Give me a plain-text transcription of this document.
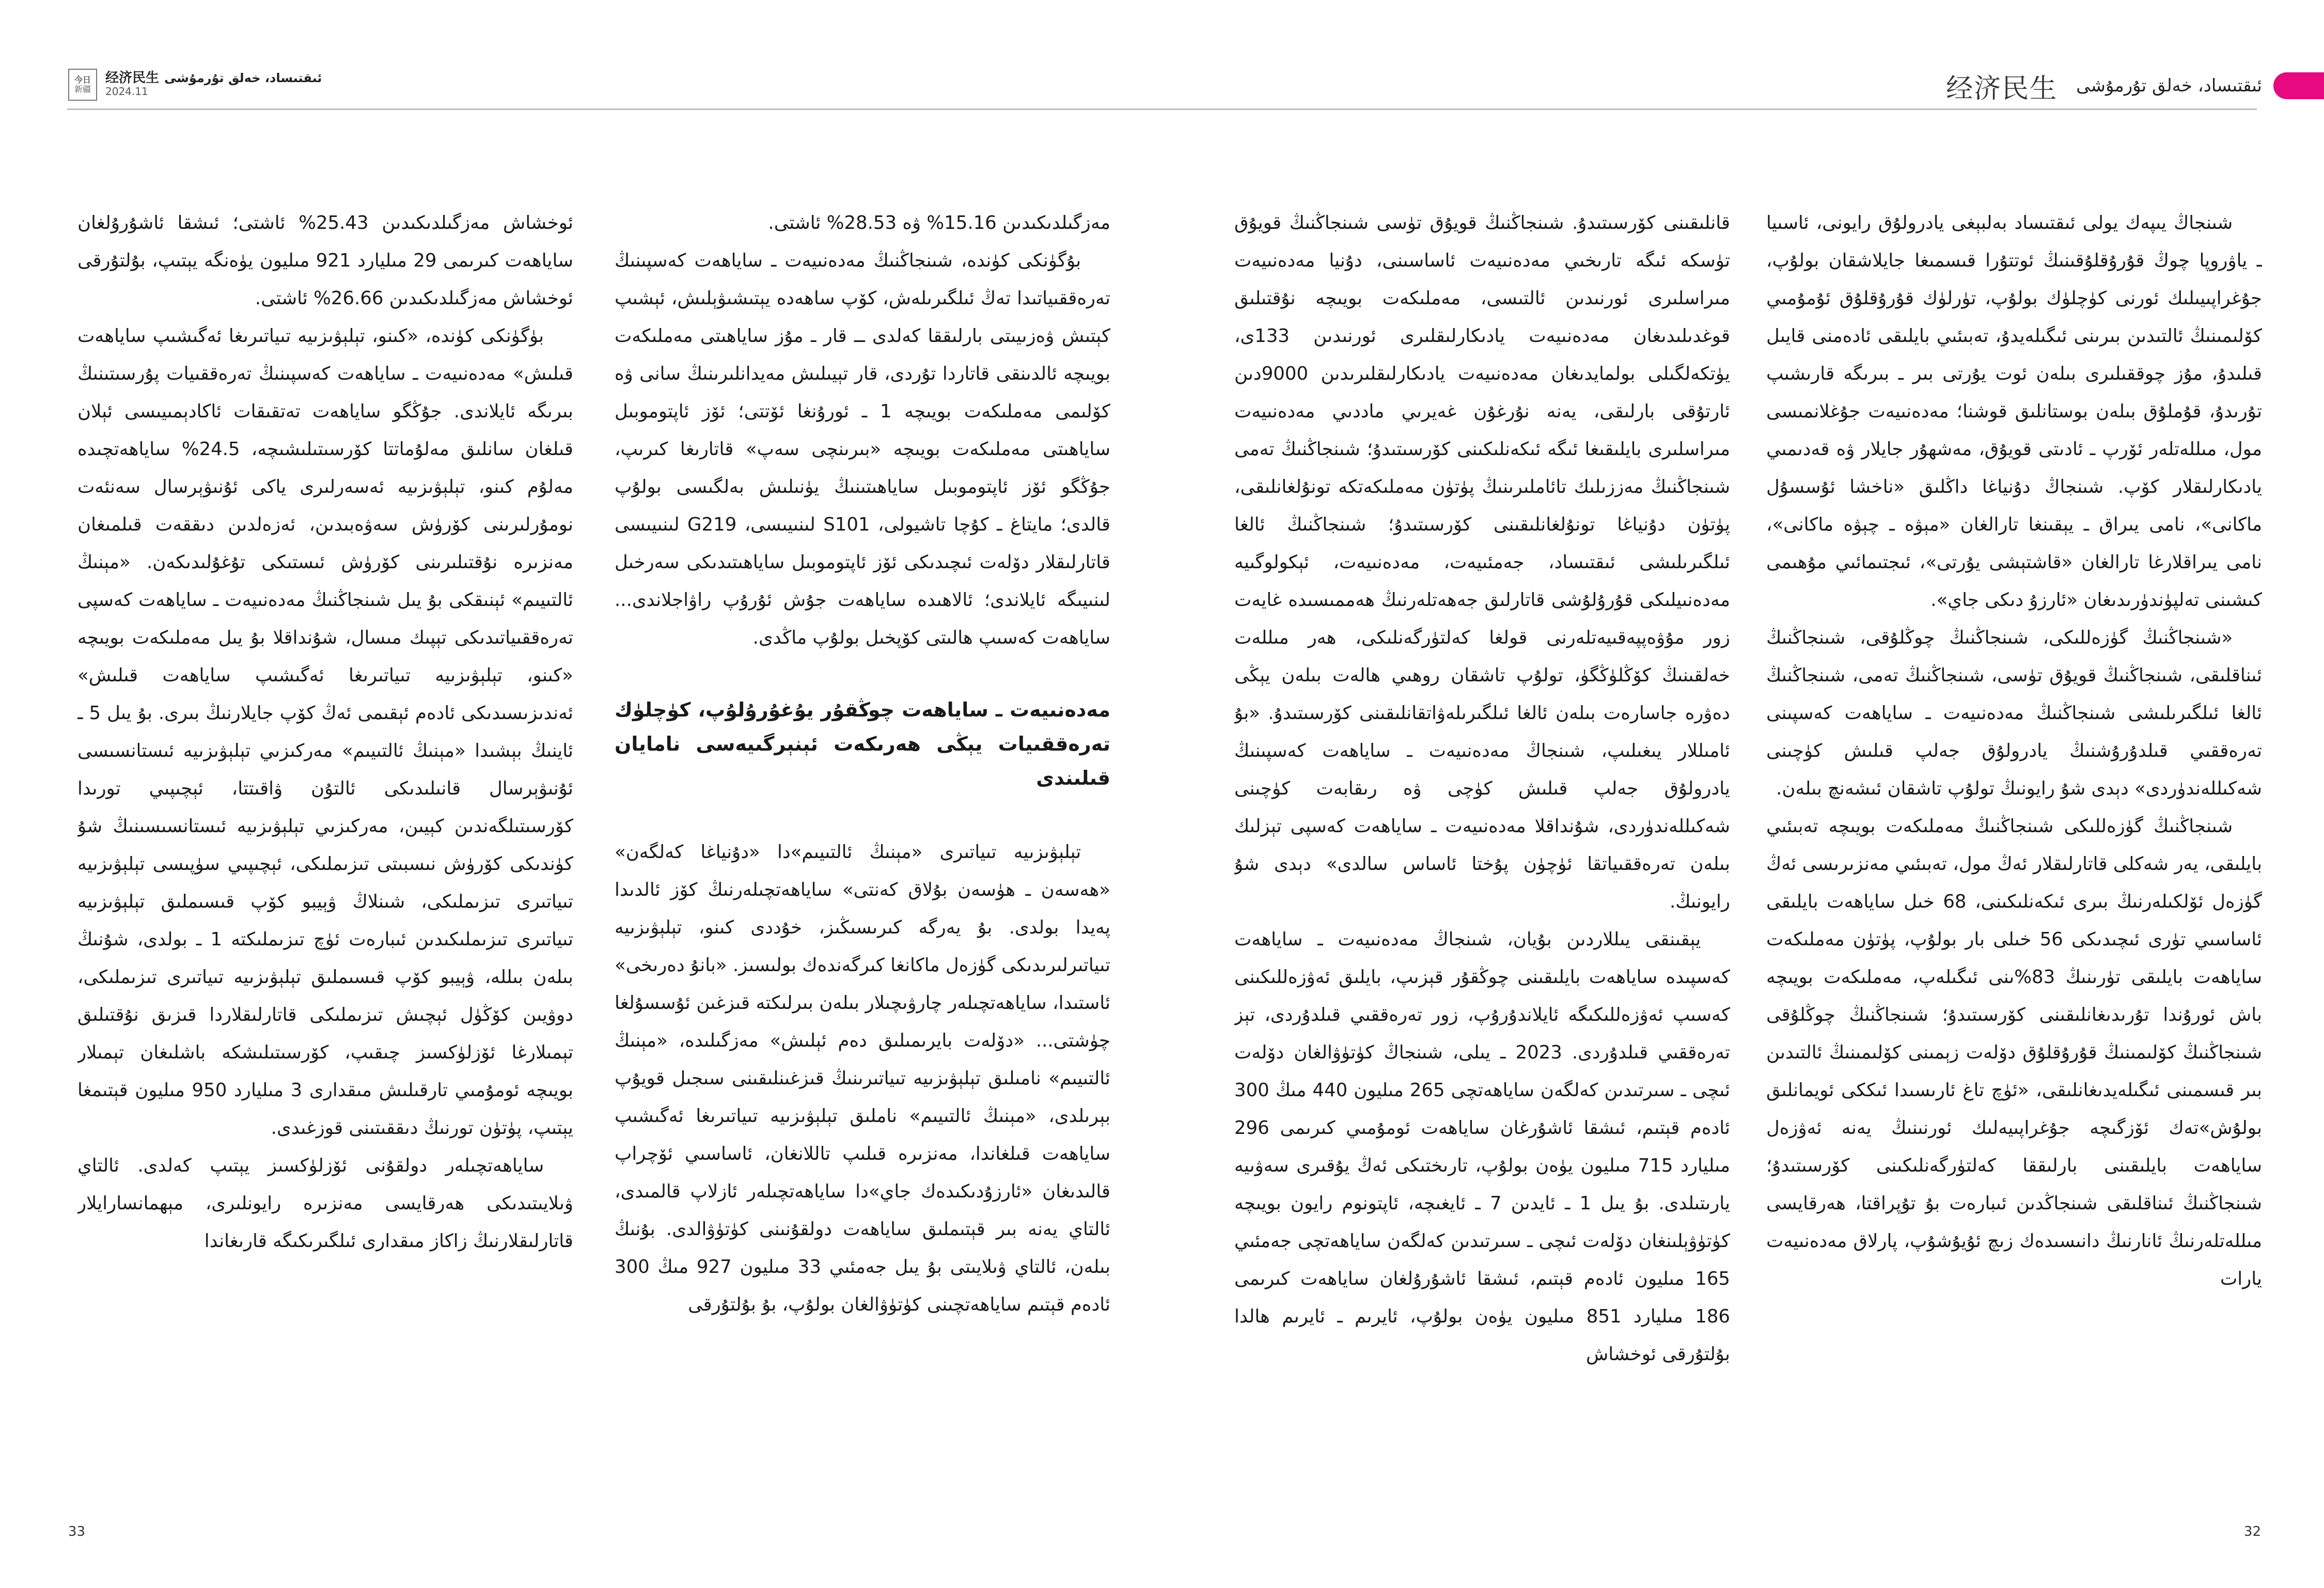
今日
新疆
经济民生 ئىقتىساد، خەلق تۇرمۇشى
2024.11	经济民生 ئىقتىساد، خەلق تۇرمۇشى

شىنجاڭ يىپەك يولى ئىقتىساد بەلبېغى يادرولۇق رايونى، ئاسىيا ـ ياۋروپا چوڭ قۇرۇقلۇقىنىڭ ئوتتۇرا قىسمىغا جايلاشقان بولۇپ، جۇغراپىيىلىك ئورنى كۈچلۈك بولۇپ، تۈرلۈك قۇرۇقلۇق ئۇمۇمىي كۆلىمىنىڭ ئالتىدىن بىرىنى ئىگىلەيدۇ، تەبىئىي بايلىقى ئادەمنى قايىل قىلىدۇ، مۇز چوققىلىرى بىلەن ئوت يۇرتى بىر ـ بىرىگە قارىشىپ تۇرىدۇ، قۇملۇق بىلەن بوستانلىق قوشنا؛ مەدەنىيەت جۇغلانمىسى مول، مىللەتلەر ئۆرپ ـ ئادىتى قويۇق، مەشھۇر جايلار ۋە قەدىمىي يادىكارلىقلار كۆپ. شىنجاڭ دۇنياغا داڭلىق «ناخشا ئۇسسۇل ماكانى»، نامى يىراق ـ يېقىنغا تارالغان «مېۋە ـ چېۋە ماكانى»، نامى يىراقلارغا تارالغان «قاشتېشى يۇرتى»، ئىجتىمائىي مۇھىمى كىشىنى تەلپۈندۈرىدىغان «ئارزۇ دىكى جاي».

«شىنجاڭنىڭ گۈزەللىكى، شىنجاڭنىڭ چوڭلۇقى، شىنجاڭنىڭ ئىناقلىقى، شىنجاڭنىڭ قويۇق تۈسى، شىنجاڭنىڭ تەمى، شىنجاڭنىڭ ئالغا ئىلگىرىلىشى شىنجاڭنىڭ مەدەنىيەت ـ ساياھەت كەسپىنى تەرەققىي قىلدۇرۇشنىڭ يادرولۇق جەلپ قىلىش كۈچىنى شەكىللەندۈردى» دېدى شۇ رايونىڭ تولۇپ تاشقان ئىشەنچ بىلەن.

شىنجاڭنىڭ گۈزەللىكى شىنجاڭنىڭ مەملىكەت بويىچە تەبىئىي بايلىقى، يەر شەكلى قاتارلىقلار ئەڭ مول، تەبىئىي مەنزىرىسى ئەڭ گۈزەل ئۆلكىلەرنىڭ بىرى ئىكەنلىكىنى، 68 خىل ساياھەت بايلىقى ئاساسىي تۈرى ئىچىدىكى 56 خىلى بار بولۇپ، پۈتۈن مەملىكەت ساياھەت بايلىقى تۈرىنىڭ 83%ىنى ئىگىلەپ، مەملىكەت بويىچە باش ئورۇندا تۇرىدىغانلىقىنى كۆرسىتىدۇ؛ شىنجاڭنىڭ چوڭلۇقى شىنجاڭنىڭ كۆلىمىنىڭ قۇرۇقلۇق دۆلەت زېمىنى كۆلىمىنىڭ ئالتىدىن بىر قىسمىنى ئىگىلەيدىغانلىقى، «ئۈچ تاغ ئارىسىدا ئىككى ئويمانلىق بولۇش»تەك ئۆزگىچە جۇغراپىيەلىك ئورنىنىڭ يەنە ئەۋزەل ساياھەت بايلىقىنى بارلىققا كەلتۈرگەنلىكىنى كۆرسىتىدۇ؛ شىنجاڭنىڭ ئىناقلىقى شىنجاڭدىن ئىبارەت بۇ تۇپراقتا، ھەرقايسى مىللەتلەرنىڭ ئانارنىڭ دانىسىدەك زىچ ئۇيۇشۇپ، پارلاق مەدەنىيەت يارات

قانلىقىنى كۆرسىتىدۇ. شىنجاڭنىڭ قويۇق تۈسى شىنجاڭنىڭ قويۇق تۈسكە ئىگە تارىخىي مەدەنىيەت ئاساسىنى، دۇنيا مەدەنىيەت مىراسلىرى ئورنىدىن ئالتىسى، مەملىكەت بويىچە نۇقتىلىق قوغدىلىدىغان مەدەنىيەت يادىكارلىقلىرى ئورنىدىن 133ى، يۈتكەلگىلى بولمايدىغان مەدەنىيەت يادىكارلىقلىرىدىن 9000دىن ئارتۇقى بارلىقى، يەنە نۇرغۇن غەيرىي ماددىي مەدەنىيەت مىراسلىرى بايلىقىغا ئىگە ئىكەنلىكىنى كۆرسىتىدۇ؛ شىنجاڭنىڭ تەمى شىنجاڭنىڭ مەززىلىك تائاملىرىنىڭ پۈتۈن مەملىكەتكە تونۇلغانلىقى، پۈتۈن دۇنياغا تونۇلغانلىقىنى كۆرسىتىدۇ؛ شىنجاڭنىڭ ئالغا ئىلگىرىلىشى ئىقتىساد، جەمئىيەت، مەدەنىيەت، ئېكولوگىيە مەدەنىيلىكى قۇرۇلۇشى قاتارلىق جەھەتلەرنىڭ ھەممىسىدە غايەت زور مۇۋەپپەقىيەتلەرنى قولغا كەلتۈرگەنلىكى، ھەر مىللەت خەلقىنىڭ كۆڭلۈڭگۈ، تولۇپ تاشقان روھىي ھالەت بىلەن يېڭى دەۋرە جاسارەت بىلەن ئالغا ئىلگىرىلەۋاتقانلىقىنى كۆرسىتىدۇ. «بۇ ئامىللار يىغىلىپ، شىنجاڭ مەدەنىيەت ـ ساياھەت كەسپىنىڭ يادرولۇق جەلپ قىلىش كۈچى ۋە رىقابەت كۈچىنى شەكىللەندۈردى، شۇنداقلا مەدەنىيەت ـ ساياھەت كەسپى تېزلىك بىلەن تەرەققىياتقا ئۈچۈن پۇختا ئاساس سالدى» دېدى شۇ رايونىڭ.

يېقىنقى يىللاردىن بۇيان، شىنجاڭ مەدەنىيەت ـ ساياھەت كەسپىدە ساياھەت بايلىقىنى چوڭقۇر قېزىپ، بايلىق ئەۋزەللىكىنى كەسىپ ئەۋزەللىكىگە ئايلاندۇرۇپ، زور تەرەققىي قىلدۇردى، تېز تەرەققىي قىلدۇردى. 2023 ـ يىلى، شىنجاڭ كۈتۈۋالغان دۆلەت ئىچى ـ سىرتىدىن كەلگەن ساياھەتچى 265 مىليون 440 مىڭ 300 ئادەم قېتىم، ئىشقا ئاشۇرغان ساياھەت ئومۇمىي كىرىمى 296 مىليارد 715 مىليون يۈەن بولۇپ، تارىختىكى ئەڭ يۇقىرى سەۋىيە يارىتىلدى. بۇ يىل 1 ـ ئايدىن 7 ـ ئايغىچە، ئاپتونوم رايون بويىچە كۈتۈۋېلىنغان دۆلەت ئىچى ـ سىرتىدىن كەلگەن ساياھەتچى جەمئىي 165 مىليون ئادەم قېتىم، ئىشقا ئاشۇرۇلغان ساياھەت كىرىمى 186 مىليارد 851 مىليون يۈەن بولۇپ، ئايرىم ـ ئايرىم ھالدا بۇلتۇرقى ئوخشاش

مەزگىلدىكىدىن 15.16% ۋە 28.53% ئاشتى.

بۇگۈنكى كۈندە، شىنجاڭنىڭ مەدەنىيەت ـ ساياھەت كەسپىنىڭ تەرەققىياتىدا تەڭ ئىلگىرىلەش، كۆپ ساھەدە يېتىشىۋېلىش، ئېشىپ كېتىش ۋەزىيىتى بارلىققا كەلدى ــ قار ـ مۇز ساياھىتى مەملىكەت بويىچە ئالدىنقى قاتاردا تۇردى، قار تېيىلىش مەيدانلىرىنىڭ سانى ۋە كۆلىمى مەملىكەت بويىچە 1 ـ ئورۇنغا ئۆتتى؛ ئۆز ئاپتوموبىل ساياھىتى مەملىكەت بويىچە «بىرىنچى سەپ» قاتارىغا كىرىپ، جۇڭگو ئۆز ئاپتوموبىل ساياھىتىنىڭ يۈنىلىش بەلگىسى بولۇپ قالدى؛ مايتاغ ـ كۇچا تاشيولى، S101 لىنىيىسى، G219 لىنىيىسى قاتارلىقلار دۆلەت ئىچىدىكى ئۆز ئاپتوموبىل ساياھىتىدىكى سەرخىل لىنىيىگە ئايلاندى؛ ئالاھىدە ساياھەت جۇش ئۇرۇپ راۋاجلاندى... ساياھەت كەسىپ ھالىتى كۆپخىل بولۇپ ماڭدى.

مەدەنىيەت ـ ساياھەت چوڭقۇر يۇغۇرۇلۇپ، كۈچلۈك تەرەققىيات يېڭى ھەرىكەت ئېنېرگىيەسى نامايان قىلىندى

تېلېۋىزىيە تىياتىرى «مېنىڭ ئالتىيىم»دا «دۇنياغا كەلگەن» «ھەسەن ـ ھۈسەن بۇلاق كەنتى» ساياھەتچىلەرنىڭ كۆز ئالدىدا پەيدا بولدى. بۇ يەرگە كىرىسىڭىز، خۇددى كىنو، تېلېۋىزىيە تىياتىرلىرىدىكى گۈزەل ماكانغا كىرگەندەك بولىسىز. «بانۇ دەرىخى» ئاستىدا، ساياھەتچىلەر چارۋىچىلار بىلەن بىرلىكتە قىزغىن ئۇسسۇلغا چۈشتى... «دۆلەت بايرىمىلىق دەم ئېلىش» مەزگىلىدە، «مېنىڭ ئالتىيىم» نامىلىق تېلېۋىزىيە تىياتىرىنىڭ قىزغىنلىقىنى سىجىل قويۇپ بېرىلدى، «مېنىڭ ئالتىيىم» ناملىق تېلېۋىزىيە تىياتىرىغا ئەگىشىپ ساياھەت قىلغاندا، مەنزىرە قىلىپ تاللانغان، ئاساسىي ئۆچراپ قالىدىغان «ئارزۇدىكىدەك جاي»دا ساياھەتچىلەر ئازلاپ قالمىدى، ئالتاي يەنە بىر قېتىملىق ساياھەت دولقۇنىنى كۈتۈۋالدى. بۇنىڭ بىلەن، ئالتاي ۋىلايىتى بۇ يىل جەمئىي 33 مىليون 927 مىڭ 300 ئادەم قېتىم ساياھەتچىنى كۈتۈۋالغان بولۇپ، بۇ بۇلتۇرقى

ئوخشاش مەزگىلدىكىدىن 25.43% ئاشتى؛ ئىشقا ئاشۇرۇلغان ساياھەت كىرىمى 29 مىليارد 921 مىليون يۈەنگە يېتىپ، بۇلتۇرقى ئوخشاش مەزگىلدىكىدىن 26.66% ئاشتى.

بۈگۈنكى كۈندە، «كىنو، تېلېۋىزىيە تىياتىرىغا ئەگىشىپ ساياھەت قىلىش» مەدەنىيەت ـ ساياھەت كەسپىنىڭ تەرەققىيات پۇرسىتىنىڭ بىرىگە ئايلاندى. جۇڭگو ساياھەت تەتقىقات ئاكادېمىيىسى ئېلان قىلغان سانلىق مەلۇماتتا كۆرسىتىلىشىچە، 24.5% ساياھەتچىدە مەلۇم كىنو، تېلېۋىزىيە ئەسەرلىرى ياكى ئۇنىۋېرسال سەنئەت نومۇرلىرىنى كۆرۈش سەۋەبىدىن، ئەزەلدىن دىققەت قىلمىغان مەنزىرە نۇقتىلىرىنى كۆرۈش ئىستىكى تۇغۇلىدىكەن. «مېنىڭ ئالتىيىم» ئېنىقكى بۇ يىل شىنجاڭنىڭ مەدەنىيەت ـ ساياھەت كەسپى تەرەققىياتىدىكى تېپىك مىسال، شۇنداقلا بۇ يىل مەملىكەت بويىچە «كىنو، تېلېۋىزىيە تىياتىرىغا ئەگىشىپ ساياھەت قىلىش» ئەندىزىسىدىكى ئادەم ئېقىمى ئەڭ كۆپ جايلارنىڭ بىرى. بۇ يىل 5 ـ ئاينىڭ بېشىدا «مېنىڭ ئالتىيىم» مەركىزىي تېلېۋىزىيە ئىستانسىسى ئۇنىۋېرسال قانىلىدىكى ئالتۇن ۋاقىتتا، ئېچىپىي تورىدا كۆرسىتىلگەندىن كېيىن، مەركىزىي تېلېۋىزىيە ئىستانسىسىنىڭ شۇ كۈندىكى كۆرۈش نىسبىتى تىزىملىكى، ئېچىپىي سۈپىسى تېلېۋىزىيە تىياتىرى تىزىملىكى، شىنلاڭ ۋېيبو كۆپ قىسىملىق تېلېۋىزىيە تىياتىرى تىزىملىكىدىن ئىبارەت ئۈچ تىزىملىكتە 1 ـ بولدى، شۇنىڭ بىلەن بىللە، ۋېيبو كۆپ قىسىملىق تېلېۋىزىيە تىياتىرى تىزىملىكى، دوۋيىن كۆڭۈل ئېچىش تىزىملىكى قاتارلىقلاردا قىزىق نۇقتىلىق تېمىلارغا ئۆزلۈكسىز چىقىپ، كۆرسىتىلىشكە باشلىغان تېمىلار بويىچە ئومۇمىي تارقىلىش مىقدارى 3 مىليارد 950 مىليون قېتىمغا يېتىپ، پۈتۈن تورنىڭ دىققىتىنى قوزغىدى.

ساياھەتچىلەر دولقۇنى ئۆزلۈكسىز يېتىپ كەلدى. ئالتاي ۋىلايىتىدىكى ھەرقايسى مەنزىرە رايونلىرى، مېھمانسارايلار قاتارلىقلارنىڭ زاكاز مىقدارى ئىلگىرىكىگە قارىغاندا

33	32
